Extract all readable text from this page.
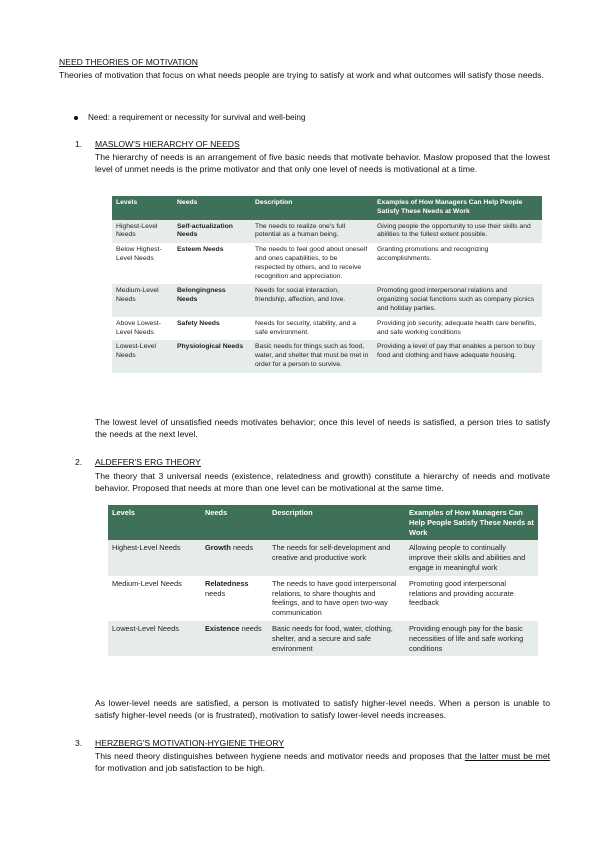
NEED THEORIES OF MOTIVATION
Theories of motivation that focus on what needs people are trying to satisfy at work and what outcomes will satisfy those needs.
Need: a requirement or necessity for survival and well-being
1. MASLOW'S HIERARCHY OF NEEDS
The hierarchy of needs is an arrangement of five basic needs that motivate behavior. Maslow proposed that the lowest level of unmet needs is the prime motivator and that only one level of needs is motivational at a time.
Levels	Needs	Description	Examples of How Managers Can Help People Satisfy These Needs at Work
Highest-Level Needs	Self-actualization Needs	The needs to realize one's full potential as a human being.	Giving people the opportunity to use their skills and abilities to the fullest extent possible.
Below Highest-Level Needs	Esteem Needs	The needs to feel good about oneself and ones capabilities, to be respected by others, and to receive recognition and appreciation.	Granting promotions and recognizing accomplishments.
Medium-Level Needs	Belongingness Needs	Needs for social interaction, friendship, affection, and love.	Promoting good interpersonal relations and organizing social functions such as company picnics and holiday parties.
Above Lowest-Level Needs	Safety Needs	Needs for security, stability, and a safe environment.	Providing job security, adequate health care benefits, and safe working conditions
Lowest-Level Needs	Physiological Needs	Basic needs for things such as food, water, and shelter that must be met in order for a person to survive.	Providing a level of pay that enables a person to buy food and clothing and have adequate housing.
The lowest level of unsatisfied needs motivates behavior; once this level of needs is satisfied, a person tries to satisfy the needs at the next level.
2. ALDEFER'S ERG THEORY
The theory that 3 universal needs (existence, relatedness and growth) constitute a hierarchy of needs and motivate behavior. Proposed that needs at more than one level can be motivational at the same time.
Levels	Needs	Description	Examples of How Managers Can Help People Satisfy These Needs at Work
Highest-Level Needs	Growth needs	The needs for self-development and creative and productive work	Allowing people to continually improve their skills and abilities and engage in meaningful work
Medium-Level Needs	Relatedness needs	The needs to have good interpersonal relations, to share thoughts and feelings, and to have open two-way communication	Promoting good interpersonal relations and providing accurate feedback
Lowest-Level Needs	Existence needs	Basic needs for food, water, clothing, shelter, and a secure and safe environment	Providing enough pay for the basic necessities of life and safe working conditions
As lower-level needs are satisfied, a person is motivated to satisfy higher-level needs. When a person is unable to satisfy higher-level needs (or is frustrated), motivation to satisfy lower-level needs increases.
3. HERZBERG'S MOTIVATION-HYGIENE THEORY
This need theory distinguishes between hygiene needs and motivator needs and proposes that the latter must be met for motivation and job satisfaction to be high.
